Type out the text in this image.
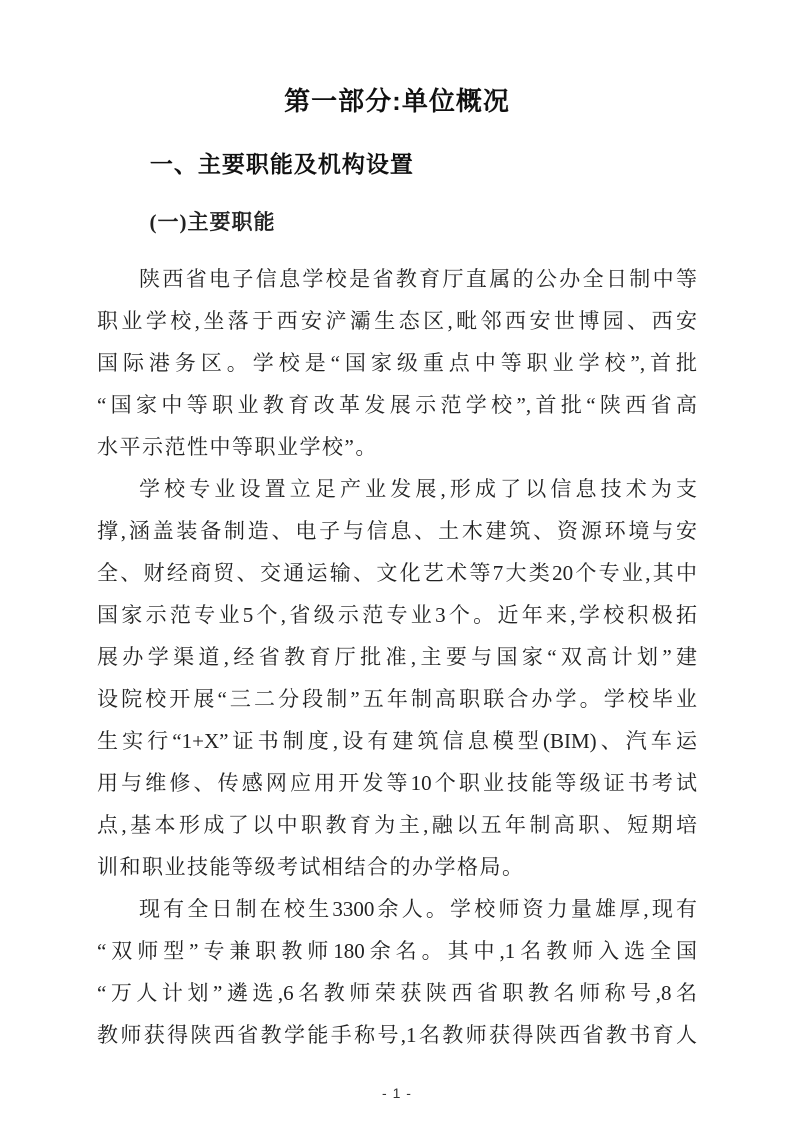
第一部分:单位概况
一、主要职能及机构设置
(一)主要职能

陕西省电子信息学校是省教育厅直属的公办全日制中等

职业学校,坐落于西安浐灞生态区,毗邻西安世博园、西安

国际港务区。学校是“国家级重点中等职业学校”,首批

“国家中等职业教育改革发展示范学校”,首批“陕西省高

水平示范性中等职业学校”。

学校专业设置立足产业发展,形成了以信息技术为支

撑,涵盖装备制造、电子与信息、土木建筑、资源环境与安

全、财经商贸、交通运输、文化艺术等7大类20个专业,其中

国家示范专业5个,省级示范专业3个。近年来,学校积极拓

展办学渠道,经省教育厅批准,主要与国家“双高计划”建

设院校开展“三二分段制”五年制高职联合办学。学校毕业

生实行“1+X”证书制度,设有建筑信息模型(BIM)、汽车运

用与维修、传感网应用开发等10个职业技能等级证书考试

点,基本形成了以中职教育为主,融以五年制高职、短期培

训和职业技能等级考试相结合的办学格局。

现有全日制在校生3300余人。学校师资力量雄厚,现有

“双师型”专兼职教师180余名。其中,1名教师入选全国

“万人计划”遴选,6名教师荣获陕西省职教名师称号,8名

教师获得陕西省教学能手称号,1名教师获得陕西省教书育人

- 1 -
